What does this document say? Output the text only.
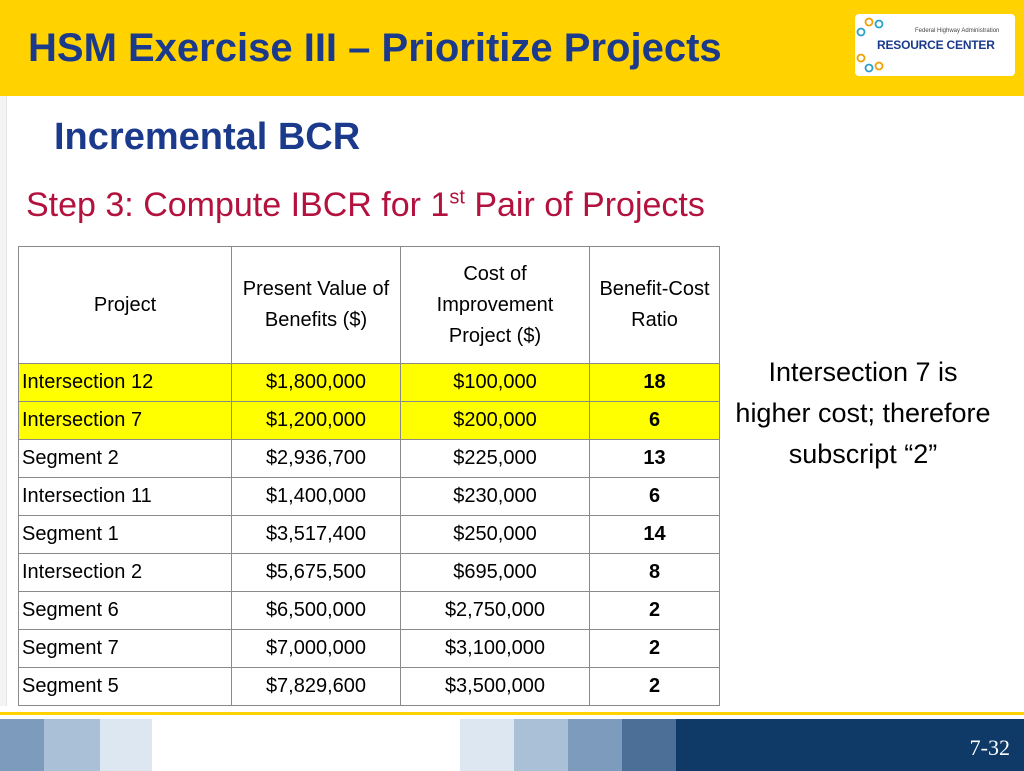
HSM Exercise III – Prioritize Projects	Federal Highway Administration
RESOURCE CENTER
Incremental BCR
Step 3: Compute IBCR for 1st Pair of Projects
Project	Present Value of Benefits ($)	Cost of Improvement Project ($)	Benefit-Cost Ratio
Intersection 12	$1,800,000	$100,000	18
Intersection 7	$1,200,000	$200,000	6
Segment 2	$2,936,700	$225,000	13
Intersection 11	$1,400,000	$230,000	6
Segment 1	$3,517,400	$250,000	14
Intersection 2	$5,675,500	$695,000	8
Segment 6	$6,500,000	$2,750,000	2
Segment 7	$7,000,000	$3,100,000	2
Segment 5	$7,829,600	$3,500,000	2
Intersection 7 is higher cost; therefore subscript “2”
7-32
